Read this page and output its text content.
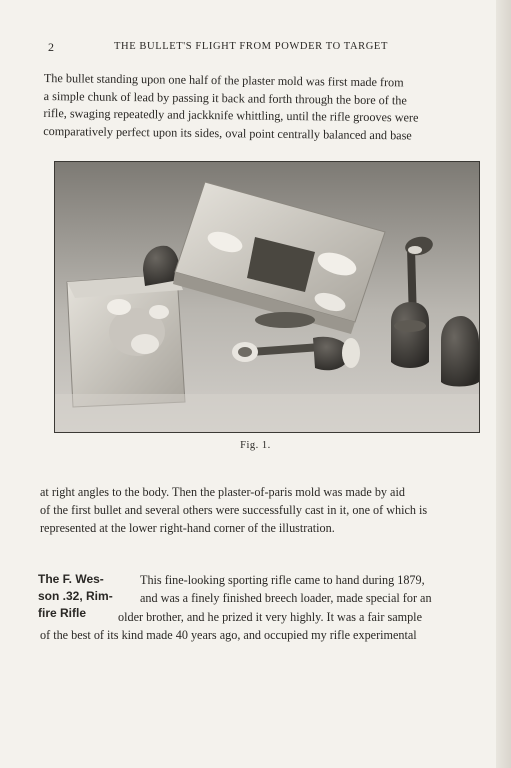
2	THE BULLET'S FLIGHT FROM POWDER TO TARGET
The bullet standing upon one half of the plaster mold was first made from
a simple chunk of lead by passing it back and forth through the bore of the
rifle, swaging repeatedly and jackknife whittling, until the rifle grooves were
comparatively perfect upon its sides, oval point centrally balanced and base
Fig. 1.
at right angles to the body. Then the plaster-of-paris mold was made by aid
of the first bullet and several others were successfully cast in it, one of which is
represented at the lower right-hand corner of the illustration.
The F. Wes-
son .32, Rim-
fire Rifle
This fine-looking sporting rifle came to hand during 1879,
and was a finely finished breech loader, made special for an
older brother, and he prized it very highly. It was a fair sample
of the best of its kind made 40 years ago, and occupied my rifle experimental
